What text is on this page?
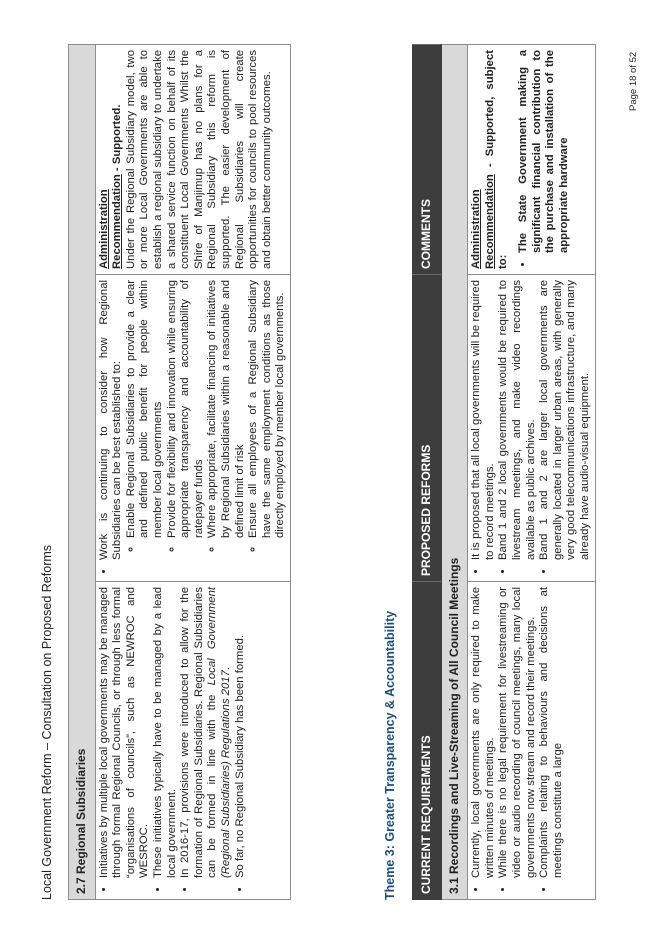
Local Government Reform – Consultation on Proposed Reforms 2.7 Regional Subsidiaries

• Initiatives by multiple local governments may be managed through formal Regional Councils, or through less formal “organisations of councils”, such as NEWROC and WESROC. • These initiatives typically have to be managed by a lead local government. • In 2016-17, provisions were introduced to allow for the formation of Regional Subsidiaries. Regional Subsidiaries can be formed in line with the Local Government (Regional Subsidiaries) Regulations 2017. • So far, no Regional Subsidiary has been formed.

• Work is continuing to consider how Regional Subsidiaries can be best established to: ◦ Enable Regional Subsidiaries to provide a clear and defined public benefit for people within member local governments ◦ Provide for flexibility and innovation while ensuring appropriate transparency and accountability of ratepayer funds ◦ Where appropriate, facilitate financing of initiatives by Regional Subsidiaries within a reasonable and defined limit of risk ◦ Ensure all employees of a Regional Subsidiary have the same employment conditions as those directly employed by member local governments.

Administration Recommendation - Supported. Under the Regional Subsidiary model, two or more Local Governments are able to establish a regional subsidiary to undertake a shared service function on behalf of its constituent Local Governments Whilst the Shire of Manjimup has no plans for a Regional Subsidiary this reform is supported. The easier development of Regional Subsidiaries will create opportunities for councils to pool resources and obtain better community outcomes.

Theme 3: Greater Transparency & Accountability CURRENT REQUIREMENTS	PROPOSED REFORMS	COMMENTS
3.1 Recordings and Live-Streaming of All Council Meetings		

• Currently, local governments are only required to make written minutes of meetings. • While there is no legal requirement for livestreaming or video or audio recording of council meetings, many local governments now stream and record their meetings. • Complaints relating to behaviours and decisions at meetings constitute a large

• It is proposed that all local governments will be required to record meetings. • Band 1 and 2 local governments would be required to livestream meetings, and make video recordings available as public archives. • Band 1 and 2 are larger local governments are generally located in larger urban areas, with generally very good telecommunications infrastructure, and many already have audio-visual equipment.

Administration Recommendation - Supported, subject to:

• The State Government making a significant financial contribution to the purchase and installation of the appropriate hardware
Page 18 of 52
